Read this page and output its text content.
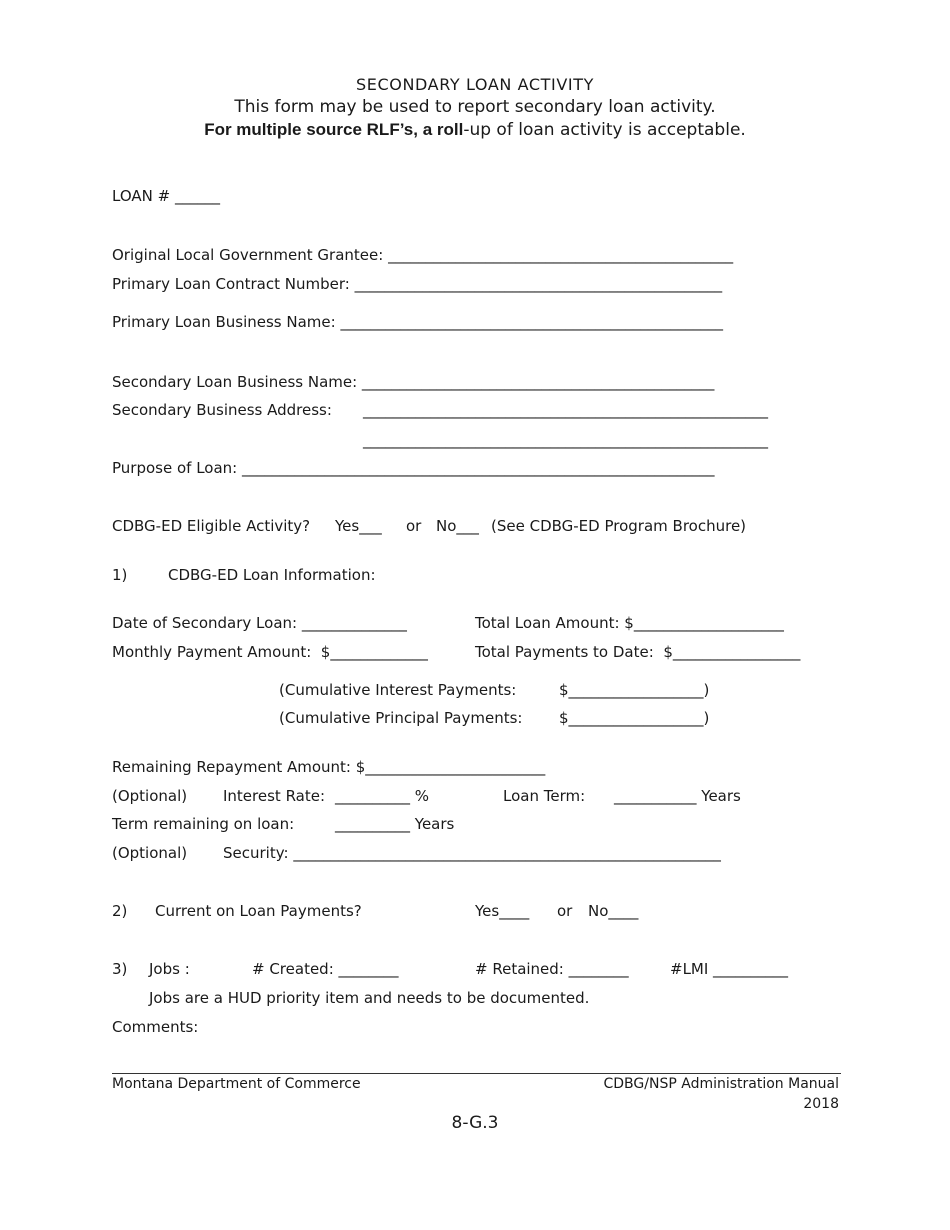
SECONDARY LOAN ACTIVITY
This form may be used to report secondary loan activity.
For multiple source RLF’s, a roll-up of loan activity is acceptable.
LOAN # ______
Original Local Government Grantee: ______________________________________________
Primary Loan Contract Number: _________________________________________________
Primary Loan Business Name: ___________________________________________________
Secondary Loan Business Name: _______________________________________________
Secondary Business Address: ______________________________________________________
______________________________________________________
Purpose of Loan: _______________________________________________________________
CDBG-ED Eligible Activity? Yes___ or No___ (See CDBG-ED Program Brochure)
1)	CDBG-ED Loan Information:
Date of Secondary Loan: ______________	Total Loan Amount: $____________________
Monthly Payment Amount:  $_____________	Total Payments to Date:  $_________________
(Cumulative Interest Payments:	$__________________)
(Cumulative Principal Payments: $__________________)
Remaining Repayment Amount: $________________________
(Optional) Interest Rate: __________ %	Loan Term: ___________ Years
Term remaining on loan:	__________ Years
(Optional) Security: _________________________________________________________
2) Current on Loan Payments?	Yes____ or No____
3) Jobs :	# Created: ________	# Retained: ________	#LMI __________
Jobs are a HUD priority item and needs to be documented.
Comments:
Montana Department of Commerce	CDBG/NSP Administration Manual
2018
8-G.3
